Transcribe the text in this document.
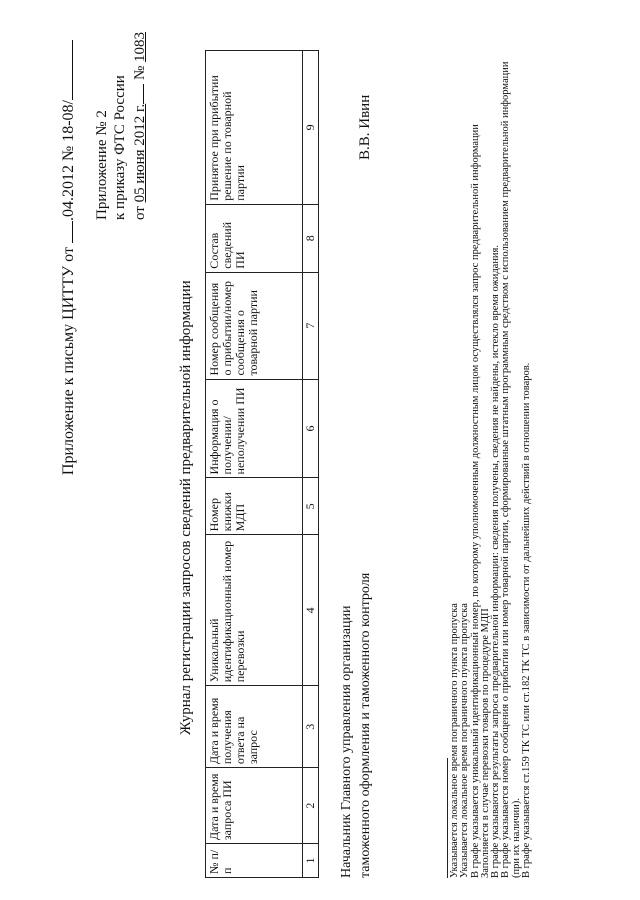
Приложение к письму ЦИТТУ от .04.2012 № 18-08/ Приложение № 2 к приказу ФТС России от 05 июня 2012 г. № 1083
Журнал регистрации запросов сведений предварительной информации
№ п/п	Дата и время запроса ПИ	Дата и время получения ответа на запрос	Уникальный идентификационный номер перевозки	Номер книжки МДП	Информация о получении/ неполучении ПИ	Номер сообщения о прибытии/номер сообщения о товарной партии	Состав сведений ПИ	Принятое при прибытии решение по товарной партии
1	2	3	4	5	6	7	8	9
Начальник Главного управления организации таможенного оформления и таможенного контроля
В.В. Ивин
Указывается локальное время пограничного пункта пропуска Указывается локальное время пограничного пункта пропуска В графе указывается уникальный идентификационный номер, по которому уполномоченным должностным лицом осуществлялся запрос предварительной информации Заполняется в случае перевозки товаров по процедуре МДП В графе указываются результаты запроса предварительной информации: сведения получены, сведения не найдены, истекло время ожидания. В графе указывается номер сообщения о прибытии или номер товарной партии, сформированные штатным программным средством с использованием предварительной информации (при их наличии). В графе указывается ст.159 ТК ТС или ст.182 ТК ТС в зависимости от дальнейших действий в отношении товаров.
